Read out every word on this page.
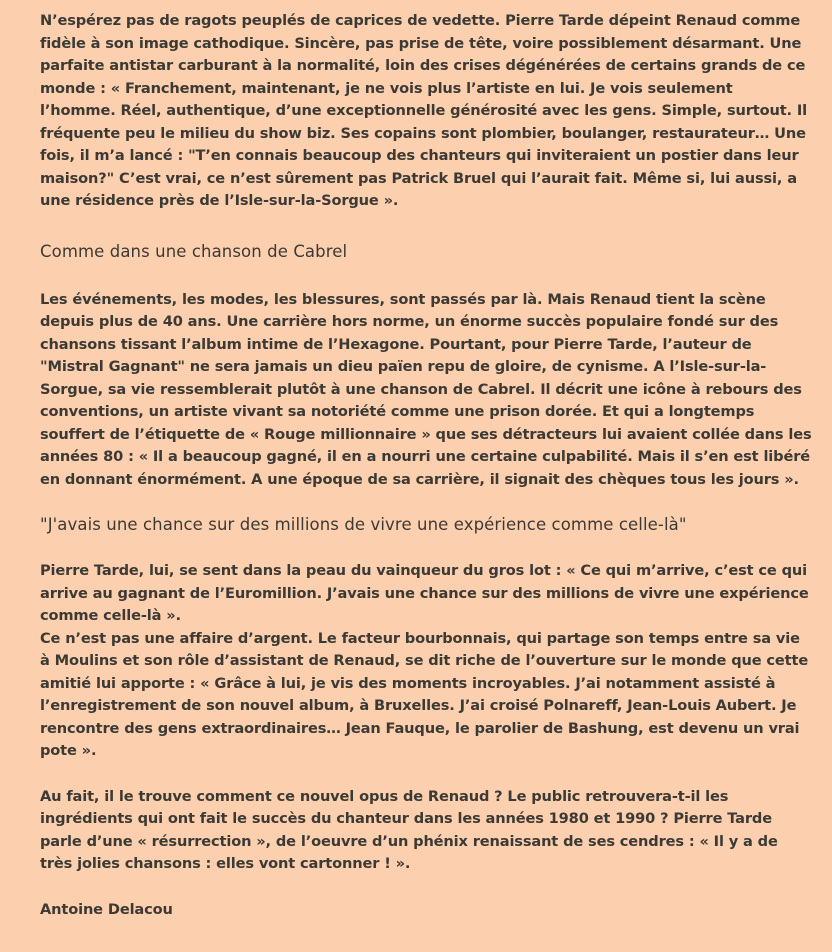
N’espérez pas de ragots peuplés de caprices de vedette. Pierre Tarde dépeint Renaud comme fidèle à son image cathodique. Sincère, pas prise de tête, voire possiblement désarmant. Une parfaite antistar carburant à la normalité, loin des crises dégénérées de certains grands de ce monde : « Franchement, maintenant, je ne vois plus l’artiste en lui. Je vois seulement l’homme. Réel, authentique, d’une exceptionnelle générosité avec les gens. Simple, surtout. Il fréquente peu le milieu du show biz. Ses copains sont plombier, boulanger, restaurateur… Une fois, il m’a lancé : "T’en connais beaucoup des chanteurs qui inviteraient un postier dans leur maison?" C’est vrai, ce n’est sûrement pas Patrick Bruel qui l’aurait fait. Même si, lui aussi, a une résidence près de l’Isle-sur-la-Sorgue ».

Comme dans une chanson de Cabrel

Les événements, les modes, les blessures, sont passés par là. Mais Renaud tient la scène depuis plus de 40 ans. Une carrière hors norme, un énorme succès populaire fondé sur des chansons tissant l’album intime de l’Hexagone. Pourtant, pour Pierre Tarde, l’auteur de "Mistral Gagnant" ne sera jamais un dieu païen repu de gloire, de cynisme. A l’Isle-sur-la-Sorgue, sa vie ressemblerait plutôt à une chanson de Cabrel. Il décrit une icône à rebours des conventions, un artiste vivant sa notoriété comme une prison dorée. Et qui a longtemps souffert de l’étiquette de « Rouge millionnaire » que ses détracteurs lui avaient collée dans les années 80 : « Il a beaucoup gagné, il en a nourri une certaine culpabilité. Mais il s’en est libéré en donnant énormément. A une époque de sa carrière, il signait des chèques tous les jours ».

"J'avais une chance sur des millions de vivre une expérience comme celle-là"

Pierre Tarde, lui, se sent dans la peau du vainqueur du gros lot : « Ce qui m’arrive, c’est ce qui arrive au gagnant de l’Euromillion. J’avais une chance sur des millions de vivre une expérience comme celle-là ».

Ce n’est pas une affaire d’argent. Le facteur bourbonnais, qui partage son temps entre sa vie à Moulins et son rôle d’assistant de Renaud, se dit riche de l’ouverture sur le monde que cette amitié lui apporte : « Grâce à lui, je vis des moments incroyables. J’ai notamment assisté à l’enregistrement de son nouvel album, à Bruxelles. J’ai croisé Polnareff, Jean-Louis Aubert. Je rencontre des gens extraordinaires… Jean Fauque, le parolier de Bashung, est devenu un vrai pote ».

Au fait, il le trouve comment ce nouvel opus de Renaud ? Le public retrouvera-t-il les ingrédients qui ont fait le succès du chanteur dans les années 1980 et 1990 ? Pierre Tarde parle d’une « résurrection », de l’oeuvre d’un phénix renaissant de ses cendres : « Il y a de très jolies chansons : elles vont cartonner ! ».

Antoine Delacou
